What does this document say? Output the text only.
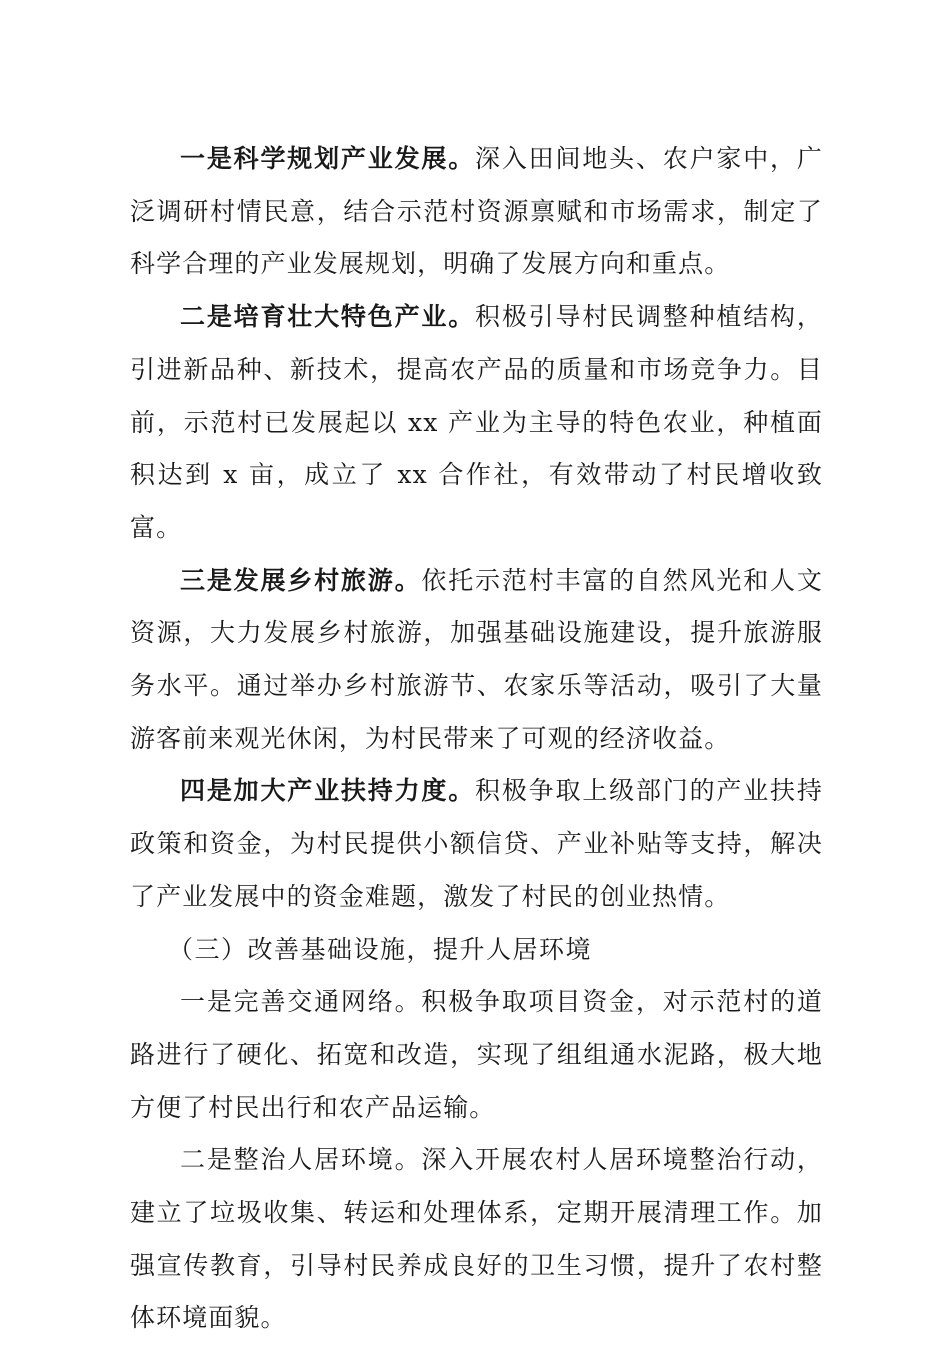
一是科学规划产业发展。深入田间地头、农户家中，广泛调研村情民意，结合示范村资源禀赋和市场需求，制定了科学合理的产业发展规划，明确了发展方向和重点。

二是培育壮大特色产业。积极引导村民调整种植结构，引进新品种、新技术，提高农产品的质量和市场竞争力。目前，示范村已发展起以 xx 产业为主导的特色农业，种植面积达到 x 亩，成立了 xx 合作社，有效带动了村民增收致富。

三是发展乡村旅游。依托示范村丰富的自然风光和人文资源，大力发展乡村旅游，加强基础设施建设，提升旅游服务水平。通过举办乡村旅游节、农家乐等活动，吸引了大量游客前来观光休闲，为村民带来了可观的经济收益。

四是加大产业扶持力度。积极争取上级部门的产业扶持政策和资金，为村民提供小额信贷、产业补贴等支持，解决了产业发展中的资金难题，激发了村民的创业热情。

（三）改善基础设施，提升人居环境

一是完善交通网络。积极争取项目资金，对示范村的道路进行了硬化、拓宽和改造，实现了组组通水泥路，极大地方便了村民出行和农产品运输。

二是整治人居环境。深入开展农村人居环境整治行动，建立了垃圾收集、转运和处理体系，定期开展清理工作。加强宣传教育，引导村民养成良好的卫生习惯，提升了农村整体环境面貌。
